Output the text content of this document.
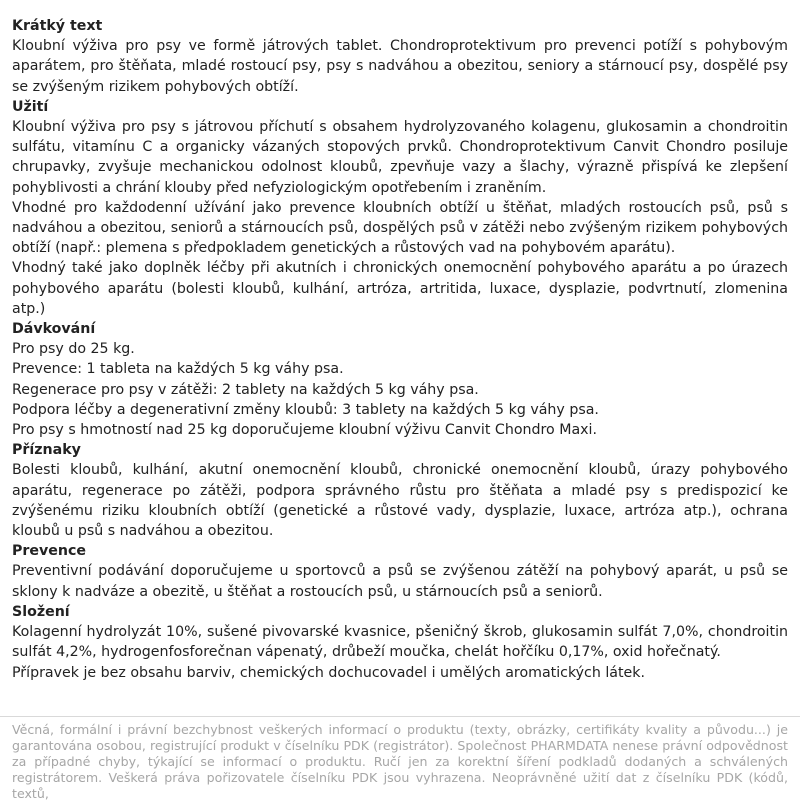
Krátký text

Kloubní výživa pro psy ve formě játrových tablet. Chondroprotektivum pro prevenci potíží s pohybovým aparátem, pro štěňata, mladé rostoucí psy, psy s nadváhou a obezitou, seniory a stárnoucí psy, dospělé psy se zvýšeným rizikem pohybových obtíží.

Užití

Kloubní výživa pro psy s játrovou příchutí s obsahem hydrolyzovaného kolagenu, glukosamin a chondroitin sulfátu, vitamínu C a organicky vázaných stopových prvků. Chondroprotektivum Canvit Chondro posiluje chrupavky, zvyšuje mechanickou odolnost kloubů, zpevňuje vazy a šlachy, výrazně přispívá ke zlepšení pohyblivosti a chrání klouby před nefyziologickým opotřebením i zraněním.

Vhodné pro každodenní užívání jako prevence kloubních obtíží u štěňat, mladých rostoucích psů, psů s nadváhou a obezitou, seniorů a stárnoucích psů, dospělých psů v zátěži nebo zvýšeným rizikem pohybových obtíží (např.: plemena s předpokladem genetických a růstových vad na pohybovém aparátu).

Vhodný také jako doplněk léčby při akutních i chronických onemocnění pohybového aparátu a po úrazech pohybového aparátu (bolesti kloubů, kulhání, artróza, artritida, luxace, dysplazie, podvrtnutí, zlomenina atp.)

Dávkování

Pro psy do 25 kg.

Prevence: 1 tableta na každých 5 kg váhy psa.

Regenerace pro psy v zátěži: 2 tablety na každých 5 kg váhy psa.

Podpora léčby a degenerativní změny kloubů: 3 tablety na každých 5 kg váhy psa.

Pro psy s hmotností nad 25 kg doporučujeme kloubní výživu Canvit Chondro Maxi.

Příznaky

Bolesti kloubů, kulhání, akutní onemocnění kloubů, chronické onemocnění kloubů, úrazy pohybového aparátu, regenerace po zátěži, podpora správného růstu pro štěňata a mladé psy s predispozicí ke zvýšenému riziku kloubních obtíží (genetické a růstové vady, dysplazie, luxace, artróza atp.), ochrana kloubů u psů s nadváhou a obezitou.

Prevence

Preventivní podávání doporučujeme u sportovců a psů se zvýšenou zátěží na pohybový aparát, u psů se sklony k nadváze a obezitě, u štěňat a rostoucích psů, u stárnoucích psů a seniorů.

Složení

Kolagenní hydrolyzát 10%, sušené pivovarské kvasnice, pšeničný škrob, glukosamin sulfát 7,0%, chondroitin sulfát 4,2%, hydrogenfosforečnan vápenatý, drůbeží moučka, chelát hořčíku 0,17%, oxid hořečnatý.

Přípravek je bez obsahu barviv, chemických dochucovadel i umělých aromatických látek.

Věcná, formální i právní bezchybnost veškerých informací o produktu (texty, obrázky, certifikáty kvality a původu...) je garantována osobou, registrující produkt v číselníku PDK (registrátor). Společnost PHARMDATA nenese právní odpovědnost za případné chyby, týkající se informací o produktu. Ručí jen za korektní šíření podkladů dodaných a schválených registrátorem. Veškerá práva pořizovatele číselníku PDK jsou vyhrazena. Neoprávněné užití dat z číselníku PDK (kódů, textů,
